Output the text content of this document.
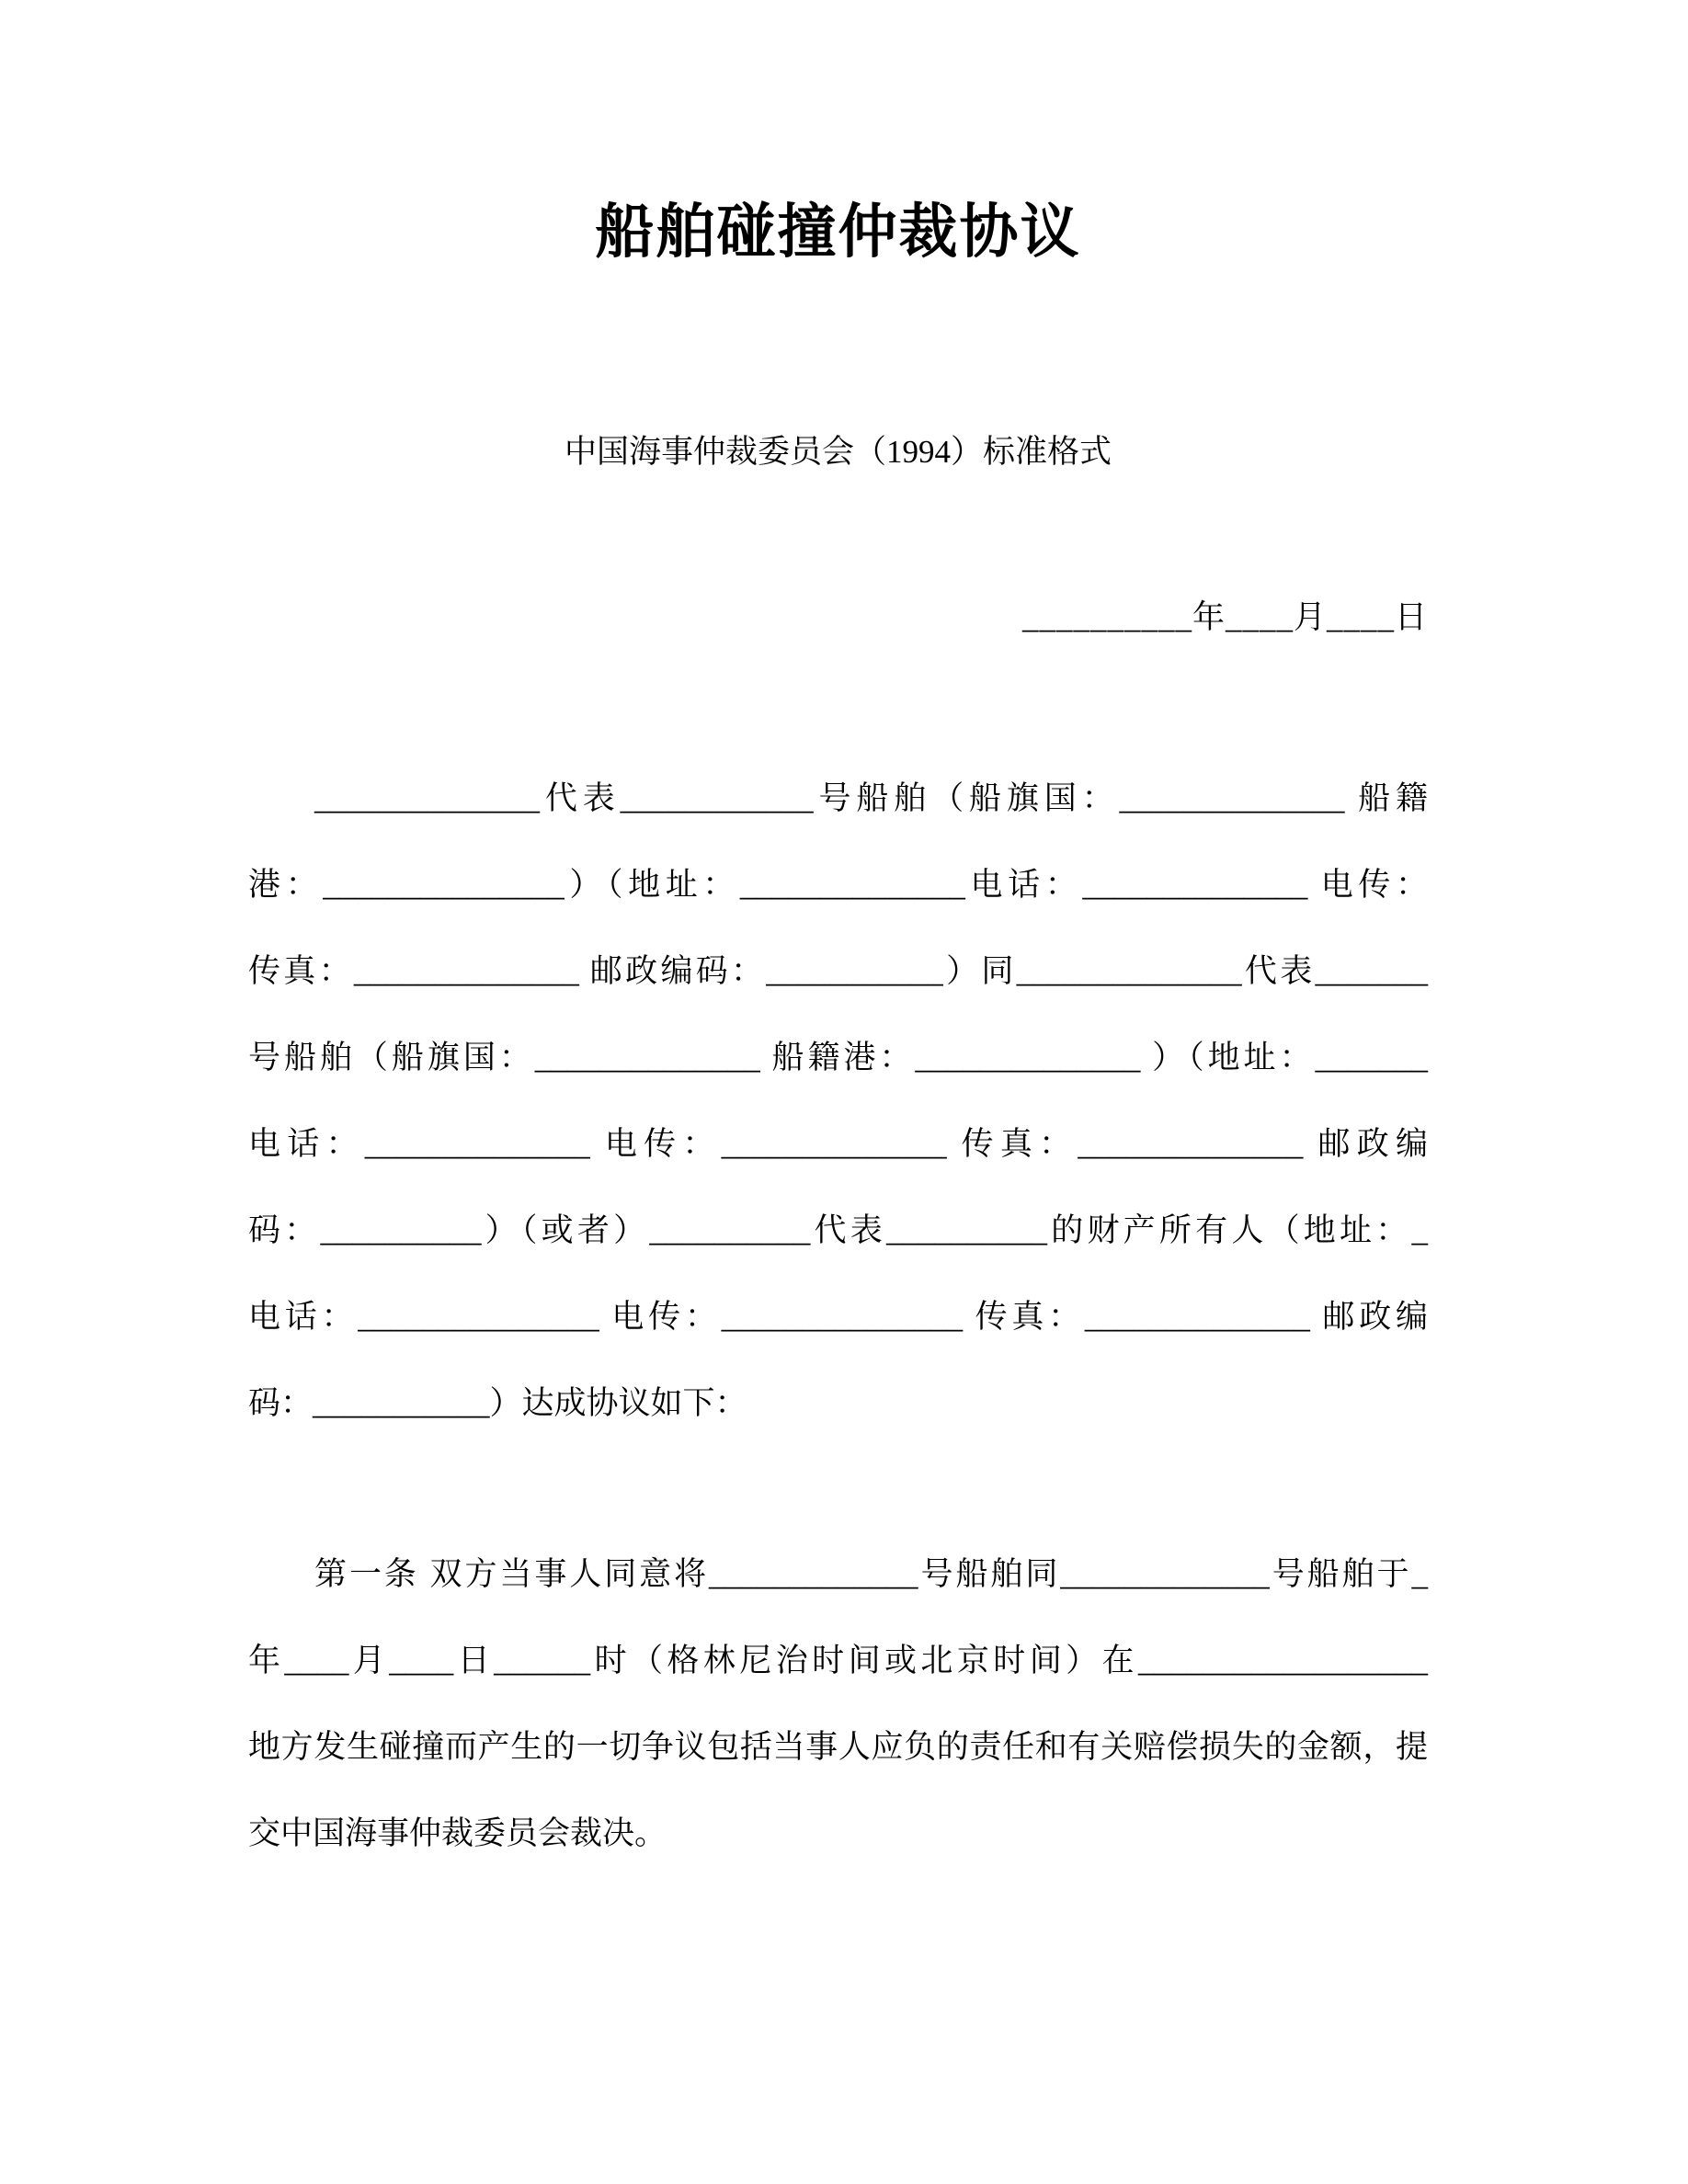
船舶碰撞仲裁协议
中国海事仲裁委员会（1994）标准格式
__________年____月____日
______________代表____________号船舶（船旗国：______________ 船籍
港：_______________）（地址：______________电话：______________ 电传：
传真：______________ 邮政编码：___________）同______________代表_______
号船舶（船旗国：______________ 船籍港：______________ ）（地址：_______
电话：______________ 电传：______________ 传真：______________ 邮政编
码：__________）（或者）__________代表__________的财产所有人（地址：_
电话：_______________ 电传：_______________ 传真：______________ 邮政编
码：___________）达成协议如下：
第一条 双方当事人同意将_____________号船舶同_____________号船舶于_
年____月____日______时（格林尼治时间或北京时间）在__________________
地方发生碰撞而产生的一切争议包括当事人应负的责任和有关赔偿损失的金额，提
交中国海事仲裁委员会裁决。
